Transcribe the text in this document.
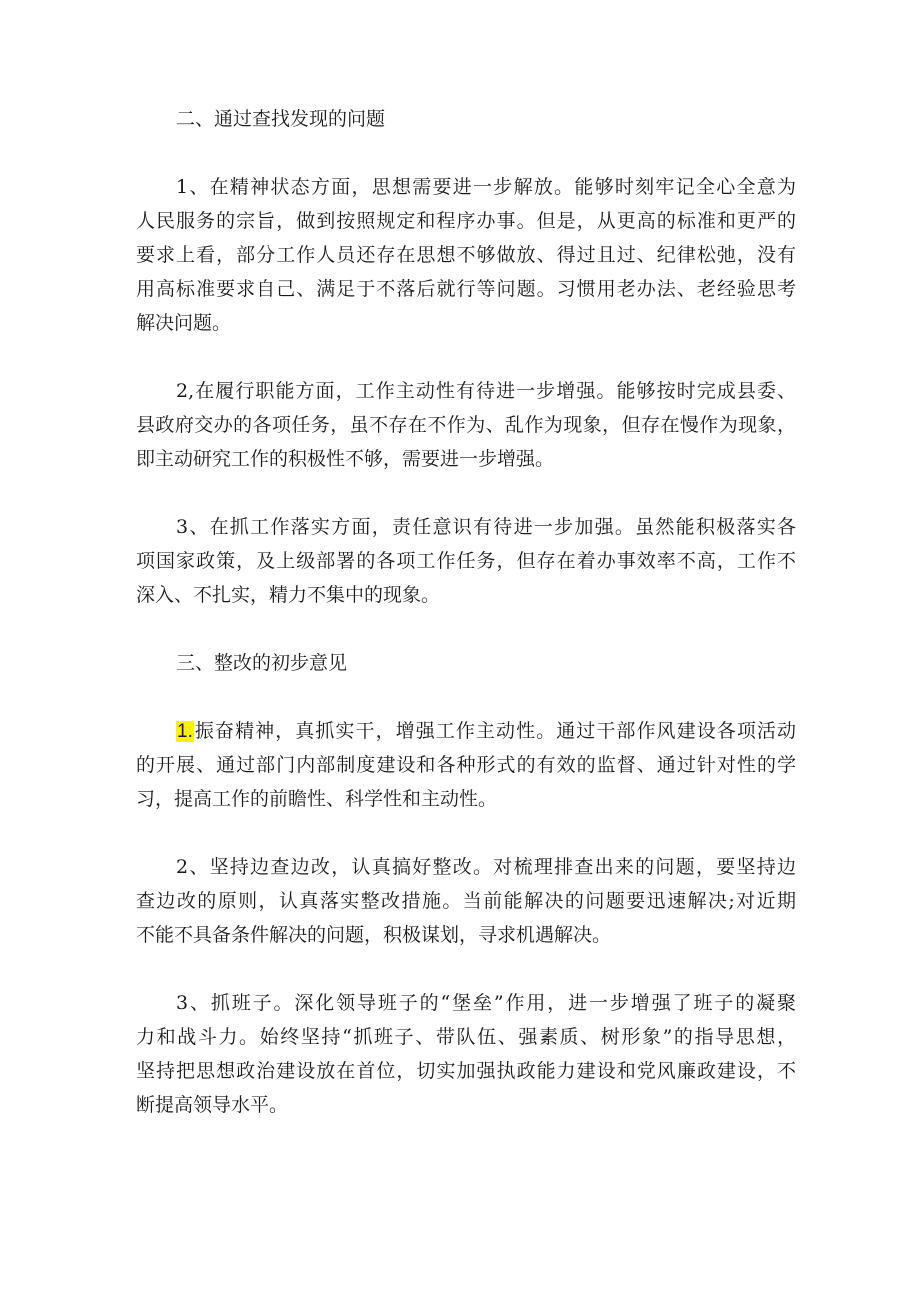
二、通过查找发现的问题
1、在精神状态方面，思想需要进一步解放。能够时刻牢记全心全意为
人民服务的宗旨，做到按照规定和程序办事。但是，从更高的标准和更严的
要求上看，部分工作人员还存在思想不够做放、得过且过、纪律松弛，没有
用高标准要求自己、满足于不落后就行等问题。习惯用老办法、老经验思考
解决问题。
2,在履行职能方面，工作主动性有待进一步增强。能够按时完成县委、
县政府交办的各项任务，虽不存在不作为、乱作为现象，但存在慢作为现象，
即主动研究工作的积极性不够，需要进一步增强。
3、在抓工作落实方面，责任意识有待进一步加强。虽然能积极落实各
项国家政策，及上级部署的各项工作任务，但存在着办事效率不高，工作不
深入、不扎实，精力不集中的现象。
三、整改的初步意见
1.振奋精神，真抓实干，增强工作主动性。通过干部作风建设各项活动
的开展、通过部门内部制度建设和各种形式的有效的监督、通过针对性的学
习，提高工作的前瞻性、科学性和主动性。
2、坚持边查边改，认真搞好整改。对梳理排查出来的问题，要坚持边
查边改的原则，认真落实整改措施。当前能解决的问题要迅速解决;对近期
不能不具备条件解决的问题，积极谋划，寻求机遇解决。
3、抓班子。深化领导班子的“堡垒”作用，进一步增强了班子的凝聚
力和战斗力。始终坚持“抓班子、带队伍、强素质、树形象”的指导思想，
坚持把思想政治建设放在首位，切实加强执政能力建设和党风廉政建设，不
断提高领导水平。
